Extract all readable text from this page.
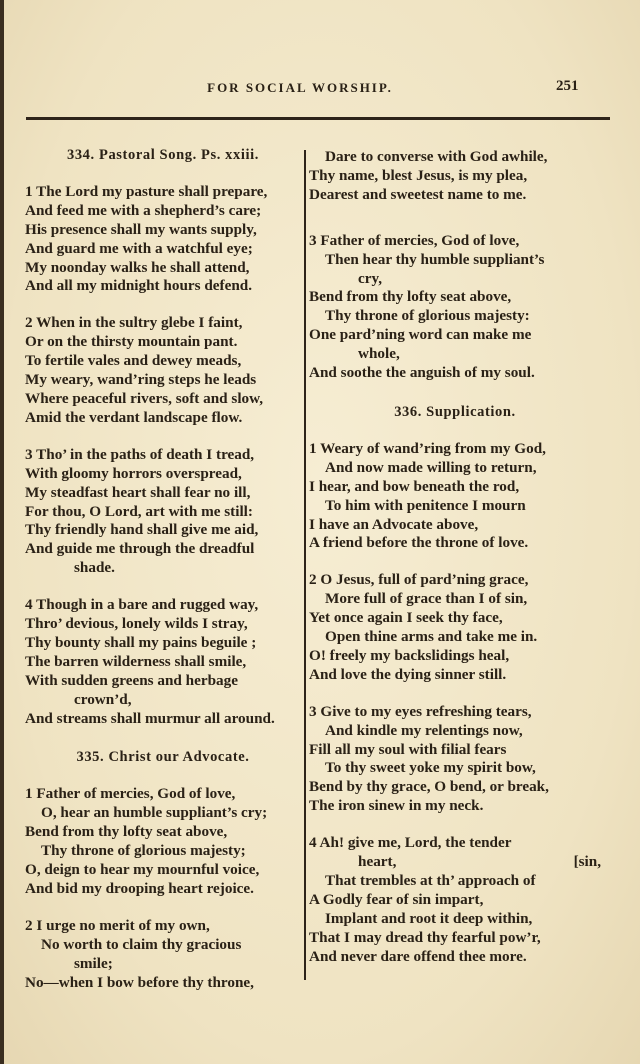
FOR SOCIAL WORSHIP.	251
334. Pastoral Song. Ps. xxiii.
1 The Lord my pasture shall prepare,
And feed me with a shepherd’s care;
His presence shall my wants supply,
And guard me with a watchful eye;
My noonday walks he shall attend,
And all my midnight hours defend.
2 When in the sultry glebe I faint,
Or on the thirsty mountain pant.
To fertile vales and dewey meads,
My weary, wand’ring steps he leads
Where peaceful rivers, soft and slow,
Amid the verdant landscape flow.
3 Tho’ in the paths of death I tread,
With gloomy horrors overspread,
My steadfast heart shall fear no ill,
For thou, O Lord, art with me still:
Thy friendly hand shall give me aid,
And guide me through the dreadful
shade.
4 Though in a bare and rugged way,
Thro’ devious, lonely wilds I stray,
Thy bounty shall my pains beguile ;
The barren wilderness shall smile,
With sudden greens and herbage
crown’d,
And streams shall murmur all around.
335. Christ our Advocate.
1 Father of mercies, God of love,
O, hear an humble suppliant’s cry;
Bend from thy lofty seat above,
Thy throne of glorious majesty;
O, deign to hear my mournful voice,
And bid my drooping heart rejoice.
2 I urge no merit of my own,
No worth to claim thy gracious
smile;
No—when I bow before thy throne,
Dare to converse with God awhile,
Thy name, blest Jesus, is my plea,
Dearest and sweetest name to me.
3 Father of mercies, God of love,
Then hear thy humble suppliant’s
cry,
Bend from thy lofty seat above,
Thy throne of glorious majesty:
One pard’ning word can make me
whole,
And soothe the anguish of my soul.
336. Supplication.
1 Weary of wand’ring from my God,
And now made willing to return,
I hear, and bow beneath the rod,
To him with penitence I mourn
I have an Advocate above,
A friend before the throne of love.
2 O Jesus, full of pard’ning grace,
More full of grace than I of sin,
Yet once again I seek thy face,
Open thine arms and take me in.
O! freely my backslidings heal,
And love the dying sinner still.
3 Give to my eyes refreshing tears,
And kindle my relentings now,
Fill all my soul with filial fears
To thy sweet yoke my spirit bow,
Bend by thy grace, O bend, or break,
The iron sinew in my neck.
4 Ah! give me, Lord, the tender
heart,	[sin,
That trembles at th’ approach of
A Godly fear of sin impart,
Implant and root it deep within,
That I may dread thy fearful pow’r,
And never dare offend thee more.
